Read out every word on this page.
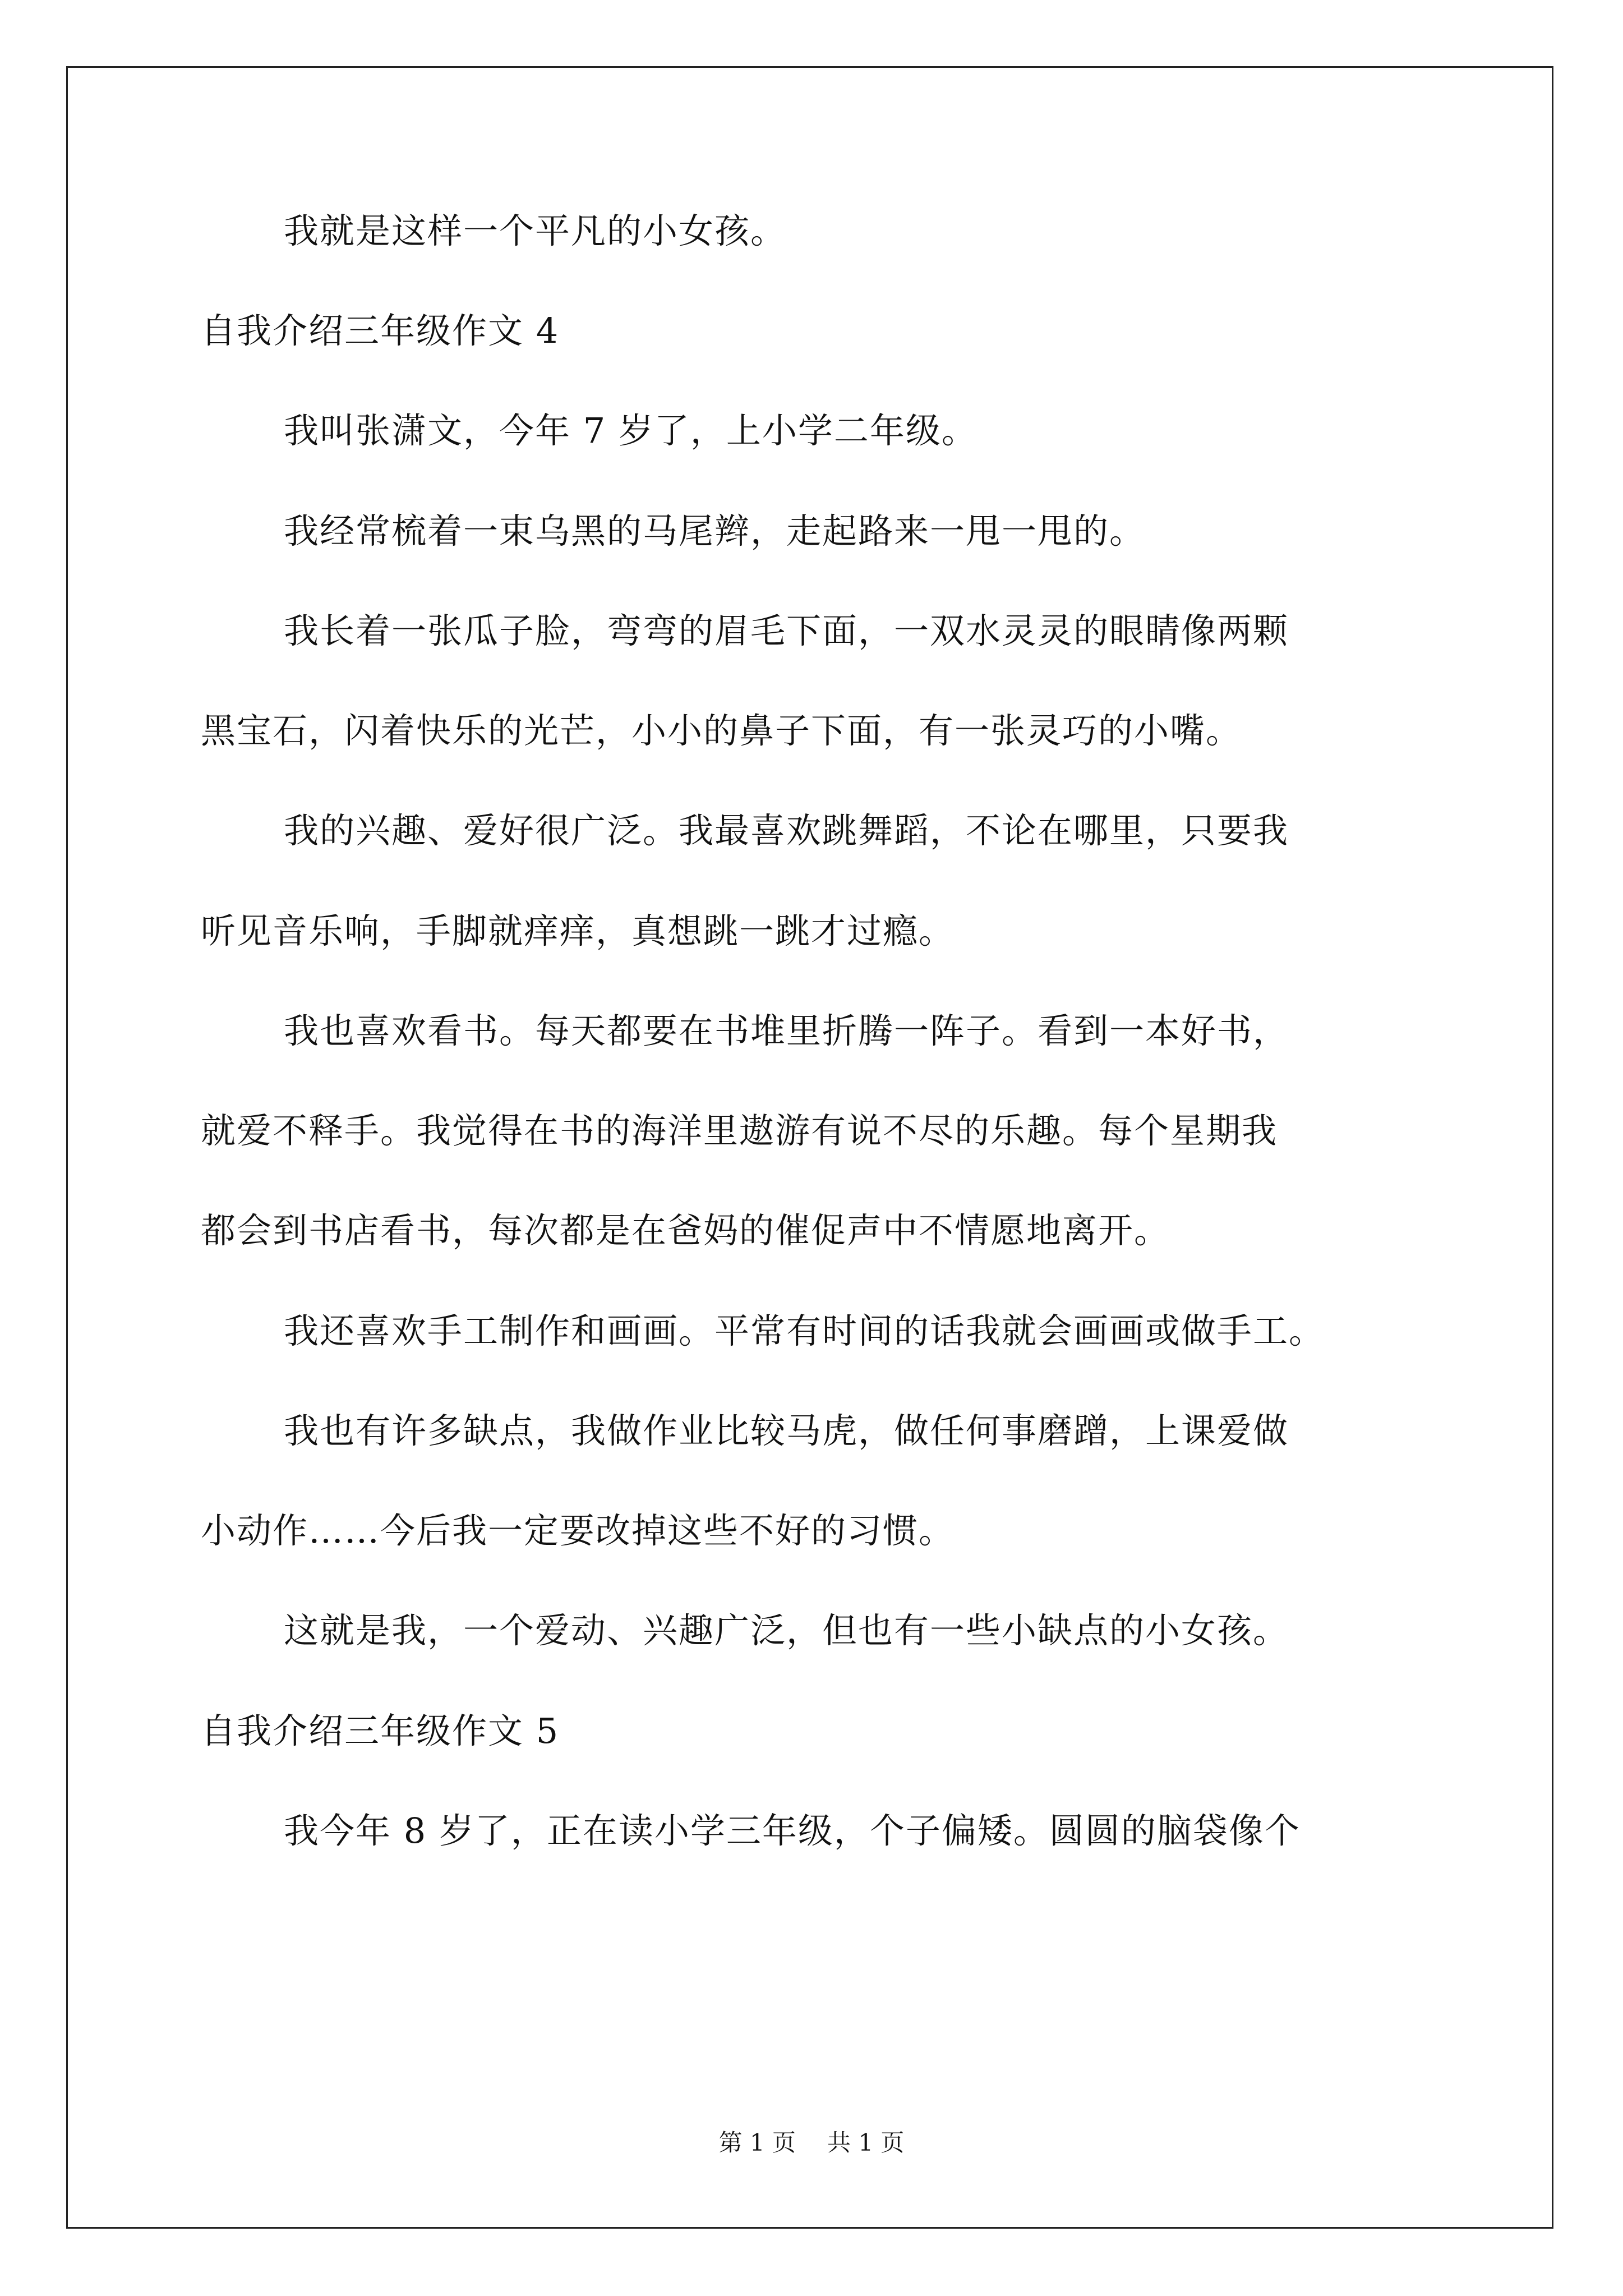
我就是这样一个平凡的小女孩。
自我介绍三年级作文 4
我叫张潇文，今年 7 岁了，上小学二年级。
我经常梳着一束乌黑的马尾辫，走起路来一甩一甩的。
我长着一张瓜子脸，弯弯的眉毛下面，一双水灵灵的眼睛像两颗
黑宝石，闪着快乐的光芒，小小的鼻子下面，有一张灵巧的小嘴。
我的兴趣、爱好很广泛。我最喜欢跳舞蹈，不论在哪里，只要我
听见音乐响，手脚就痒痒，真想跳一跳才过瘾。
我也喜欢看书。每天都要在书堆里折腾一阵子。看到一本好书，
就爱不释手。我觉得在书的海洋里遨游有说不尽的乐趣。每个星期我
都会到书店看书，每次都是在爸妈的催促声中不情愿地离开。
我还喜欢手工制作和画画。平常有时间的话我就会画画或做手工。
我也有许多缺点，我做作业比较马虎，做任何事磨蹭，上课爱做
小动作……今后我一定要改掉这些不好的习惯。
这就是我，一个爱动、兴趣广泛，但也有一些小缺点的小女孩。
自我介绍三年级作文 5
我今年 8 岁了，正在读小学三年级，个子偏矮。圆圆的脑袋像个
第 1 页 共 1 页
